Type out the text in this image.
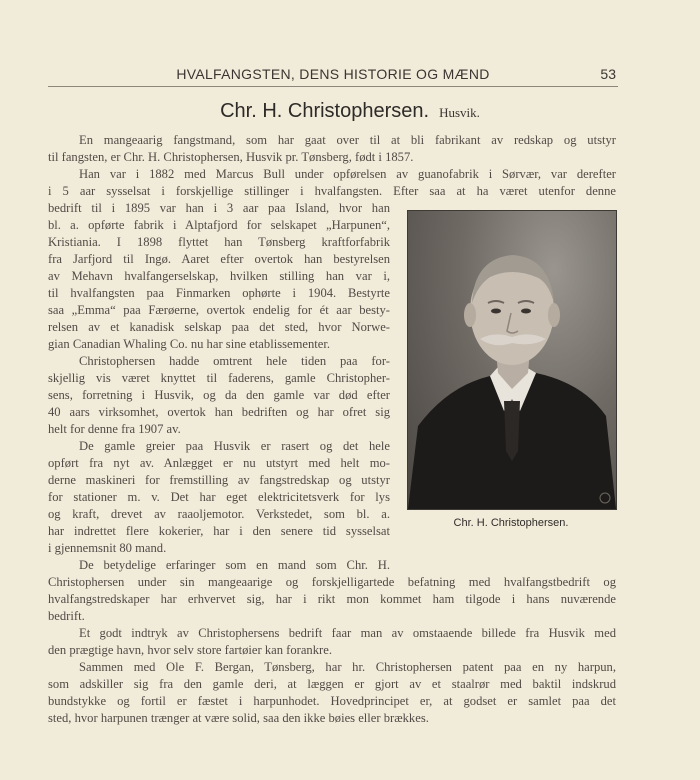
HVALFANGSTEN, DENS HISTORIE OG MÆND	53
Chr. H. Christophersen. Husvik.
En mangeaarig fangstmand, som har gaat over til at bli fabrikant av redskap og utstyr
til fangsten, er Chr. H. Christophersen, Husvik pr. Tønsberg, født i 1857.
Han var i 1882 med Marcus Bull under opførelsen av guanofabrik i Sørvær, var derefter
i 5 aar sysselsat i forskjellige stillinger i hvalfangsten. Efter saa at ha været utenfor denne
bedrift til i 1895 var han i 3 aar paa Island, hvor han
bl. a. opførte fabrik i Alptafjord for selskapet „Harpunen“,
Kristiania. I 1898 flyttet han Tønsberg kraftforfabrik
fra Jarfjord til Ingø. Aaret efter overtok han bestyrelsen
av Mehavn hvalfangerselskap, hvilken stilling han var i,
til hvalfangsten paa Finmarken ophørte i 1904. Bestyrte
saa „Emma“ paa Færøerne, overtok endelig for ét aar besty-
relsen av et kanadisk selskap paa det sted, hvor Norwe-
gian Canadian Whaling Co. nu har sine etablissementer.
Christophersen hadde omtrent hele tiden paa for-
skjellig vis været knyttet til faderens, gamle Christopher-
sens, forretning i Husvik, og da den gamle var død efter
40 aars virksomhet, overtok han bedriften og har ofret sig
helt for denne fra 1907 av.
De gamle greier paa Husvik er rasert og det hele
opført fra nyt av. Anlægget er nu utstyrt med helt mo-
derne maskineri for fremstilling av fangstredskap og utstyr
for stationer m. v. Det har eget elektricitetsverk for lys
og kraft, drevet av raaoljemotor. Verkstedet, som bl. a.
har indrettet flere kokerier, har i den senere tid sysselsat
i gjennemsnit 80 mand.
De betydelige erfaringer som en mand som Chr. H.
Chr. H. Christophersen.
Christophersen under sin mangeaarige og forskjelligartede befatning med hvalfangstbedrift og
hvalfangstredskaper har erhvervet sig, har i rikt mon kommet ham tilgode i hans nuværende
bedrift.
Et godt indtryk av Christophersens bedrift faar man av omstaaende billede fra Husvik med
den prægtige havn, hvor selv store fartøier kan forankre.
Sammen med Ole F. Bergan, Tønsberg, har hr. Christophersen patent paa en ny harpun,
som adskiller sig fra den gamle deri, at læggen er gjort av et staalrør med baktil indskrud
bundstykke og fortil er fæstet i harpunhodet. Hovedprincipet er, at godset er samlet paa det
sted, hvor harpunen trænger at være solid, saa den ikke bøies eller brækkes.
